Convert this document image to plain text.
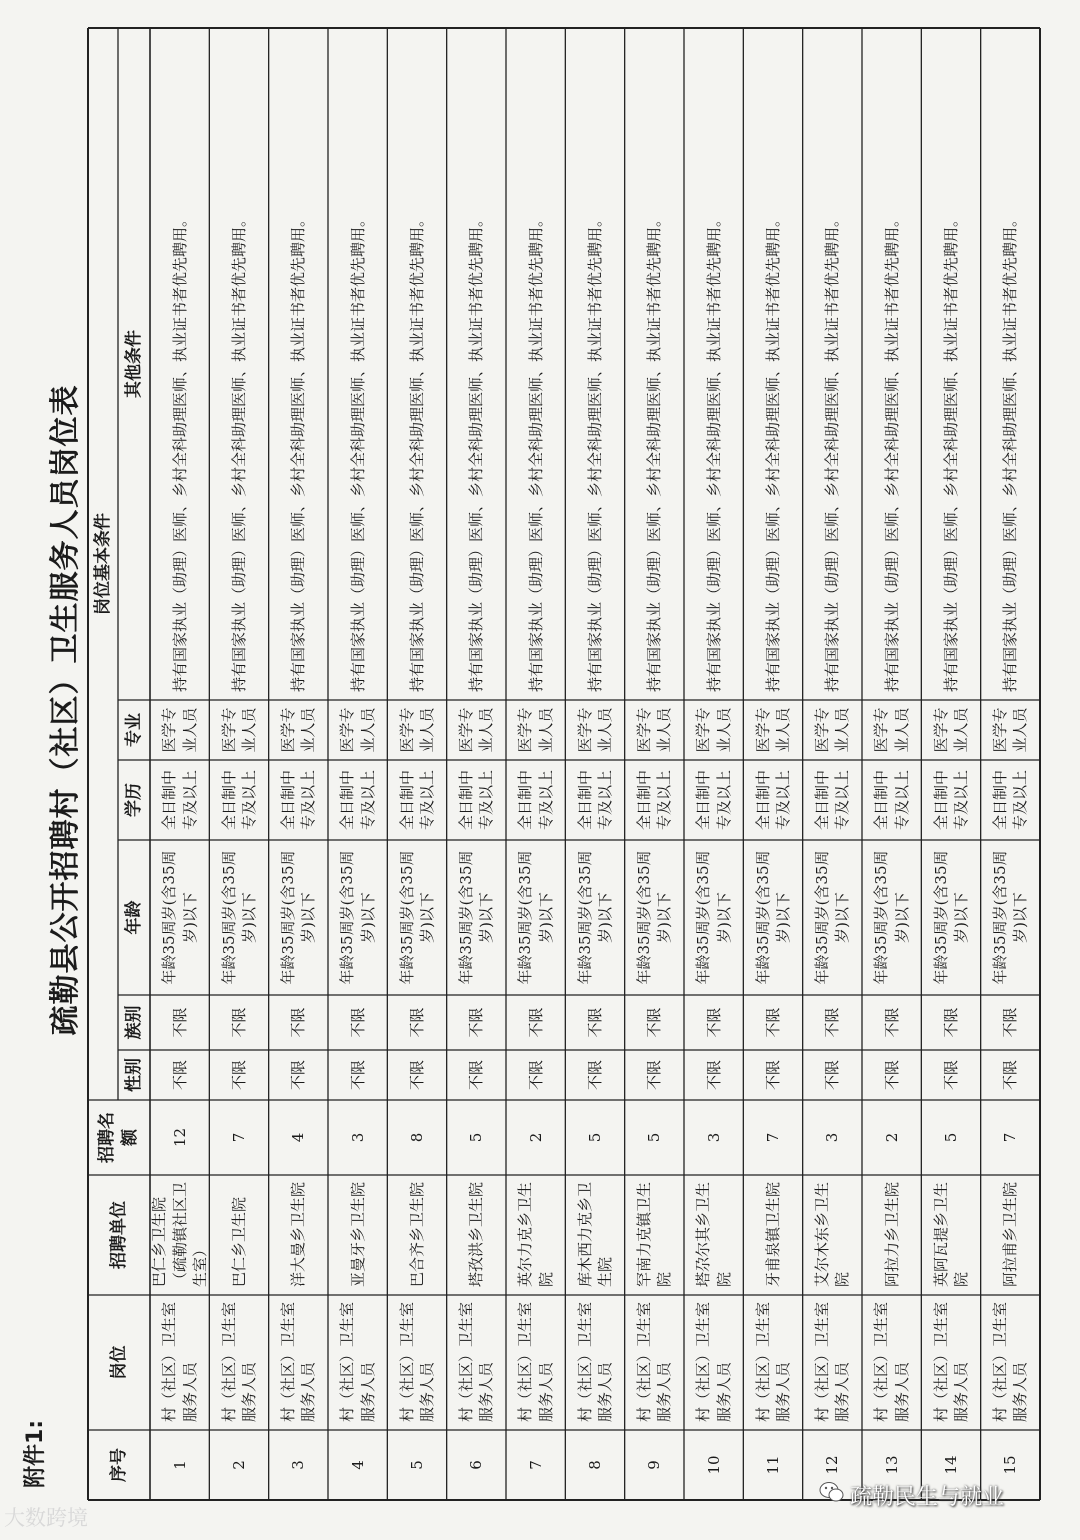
附件1:
疏勒县公开招聘村（社区）卫生服务人员岗位表
序号
岗位
招聘单位
招聘名额
岗位基本条件
性别
族别
年龄
学历
专业
其他条件
1
村（社区）卫生室服务人员
巴仁乡卫生院（疏勒镇社区卫生室）
12
不限
不限
年龄35周岁(含35周岁)以下
全日制中专及以上
医学专业人员
持有国家执业（助理）医师、乡村全科助理医师、执业证书者优先聘用。
2
村（社区）卫生室服务人员
巴仁乡卫生院
7
不限
不限
年龄35周岁(含35周岁)以下
全日制中专及以上
医学专业人员
持有国家执业（助理）医师、乡村全科助理医师、执业证书者优先聘用。
3
村（社区）卫生室服务人员
洋大曼乡卫生院
4
不限
不限
年龄35周岁(含35周岁)以下
全日制中专及以上
医学专业人员
持有国家执业（助理）医师、乡村全科助理医师、执业证书者优先聘用。
4
村（社区）卫生室服务人员
亚曼牙乡卫生院
3
不限
不限
年龄35周岁(含35周岁)以下
全日制中专及以上
医学专业人员
持有国家执业（助理）医师、乡村全科助理医师、执业证书者优先聘用。
5
村（社区）卫生室服务人员
巴合齐乡卫生院
8
不限
不限
年龄35周岁(含35周岁)以下
全日制中专及以上
医学专业人员
持有国家执业（助理）医师、乡村全科助理医师、执业证书者优先聘用。
6
村（社区）卫生室服务人员
塔孜洪乡卫生院
5
不限
不限
年龄35周岁(含35周岁)以下
全日制中专及以上
医学专业人员
持有国家执业（助理）医师、乡村全科助理医师、执业证书者优先聘用。
7
村（社区）卫生室服务人员
英尔力克乡卫生院
2
不限
不限
年龄35周岁(含35周岁)以下
全日制中专及以上
医学专业人员
持有国家执业（助理）医师、乡村全科助理医师、执业证书者优先聘用。
8
村（社区）卫生室服务人员
库木西力克乡卫生院
5
不限
不限
年龄35周岁(含35周岁)以下
全日制中专及以上
医学专业人员
持有国家执业（助理）医师、乡村全科助理医师、执业证书者优先聘用。
9
村（社区）卫生室服务人员
罕南力克镇卫生院
5
不限
不限
年龄35周岁(含35周岁)以下
全日制中专及以上
医学专业人员
持有国家执业（助理）医师、乡村全科助理医师、执业证书者优先聘用。
10
村（社区）卫生室服务人员
塔尕尔其乡卫生院
3
不限
不限
年龄35周岁(含35周岁)以下
全日制中专及以上
医学专业人员
持有国家执业（助理）医师、乡村全科助理医师、执业证书者优先聘用。
11
村（社区）卫生室服务人员
牙甫泉镇卫生院
7
不限
不限
年龄35周岁(含35周岁)以下
全日制中专及以上
医学专业人员
持有国家执业（助理）医师、乡村全科助理医师、执业证书者优先聘用。
12
村（社区）卫生室服务人员
艾尔木东乡卫生院
3
不限
不限
年龄35周岁(含35周岁)以下
全日制中专及以上
医学专业人员
持有国家执业（助理）医师、乡村全科助理医师、执业证书者优先聘用。
13
村（社区）卫生室服务人员
阿拉力乡卫生院
2
不限
不限
年龄35周岁(含35周岁)以下
全日制中专及以上
医学专业人员
持有国家执业（助理）医师、乡村全科助理医师、执业证书者优先聘用。
14
村（社区）卫生室服务人员
英阿瓦提乡卫生院
5
不限
不限
年龄35周岁(含35周岁)以下
全日制中专及以上
医学专业人员
持有国家执业（助理）医师、乡村全科助理医师、执业证书者优先聘用。
15
村（社区）卫生室服务人员
阿拉甫乡卫生院
7
不限
不限
年龄35周岁(含35周岁)以下
全日制中专及以上
医学专业人员
持有国家执业（助理）医师、乡村全科助理医师、执业证书者优先聘用。
大数跨境
疏勒民生与就业
